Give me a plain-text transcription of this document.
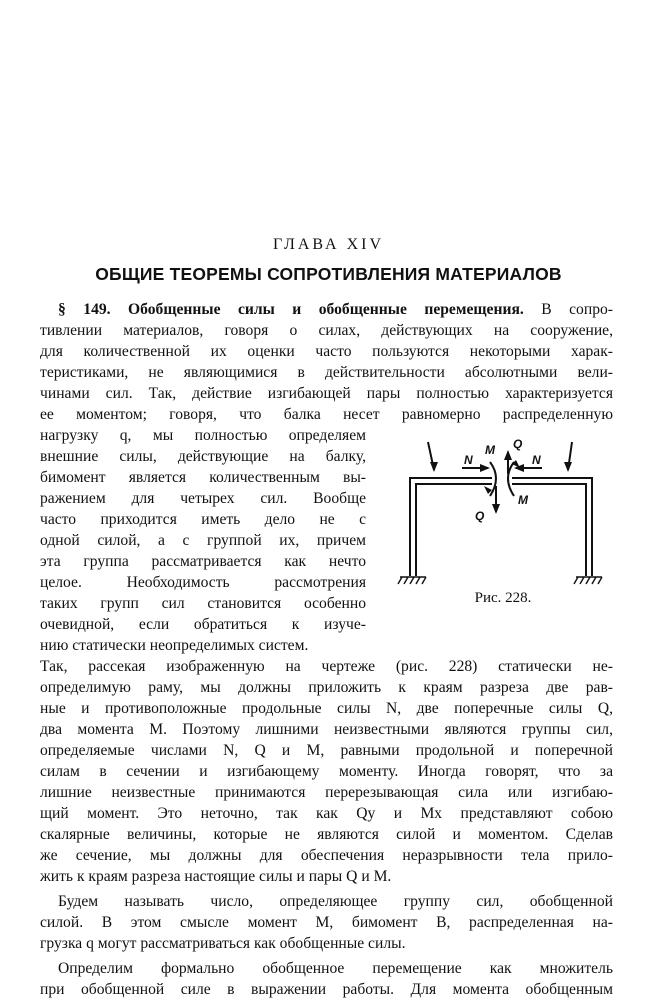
ГЛАВА XIV
ОБЩИЕ ТЕОРЕМЫ СОПРОТИВЛЕНИЯ МАТЕРИАЛОВ
§ 149. Обобщенные силы и обобщенные перемещения. В сопро-
тивлении материалов, говоря о силах, действующих на сооружение,
для количественной их оценки часто пользуются некоторыми харак-
теристиками, не являющимися в действительности абсолютными вели-
чинами сил. Так, действие изгибающей пары полностью характеризуется
ее моментом; говоря, что балка несет равномерно распределенную
нагрузку q, мы полностью определяем
внешние силы, действующие на балку,
бимомент является количественным вы-
ражением для четырех сил. Вообще
часто приходится иметь дело не с
одной силой, а с группой их, причем
эта группа рассматривается как нечто
целое. Необходимость рассмотрения
таких групп сил становится особенно
очевидной, если обратиться к изуче-
нию статически неопределимых систем.
Так, рассекая изображенную на чертеже (рис. 228) статически не-
определимую раму, мы должны приложить к краям разреза две рав-
ные и противоположные продольные силы N, две поперечные силы Q,
два момента M. Поэтому лишними неизвестными являются группы сил,
определяемые числами N, Q и M, равными продольной и поперечной
силам в сечении и изгибающему моменту. Иногда говорят, что за
лишние неизвестные принимаются перерезывающая сила или изгибаю-
щий момент. Это неточно, так как Qy и Mx представляют собою
скалярные величины, которые не являются силой и моментом. Сделав
же сечение, мы должны для обеспечения неразрывности тела прило-
жить к краям разреза настоящие силы и пары Q и M.
Будем называть число, определяющее группу сил, обобщенной
силой. В этом смысле момент M, бимомент B, распределенная на-
грузка q могут рассматриваться как обобщенные силы.
Определим формально обобщенное перемещение как множитель
при обобщенной силе в выражении работы. Для момента обобщенным
N
M
Q
N
M
Q
Рис. 228.
